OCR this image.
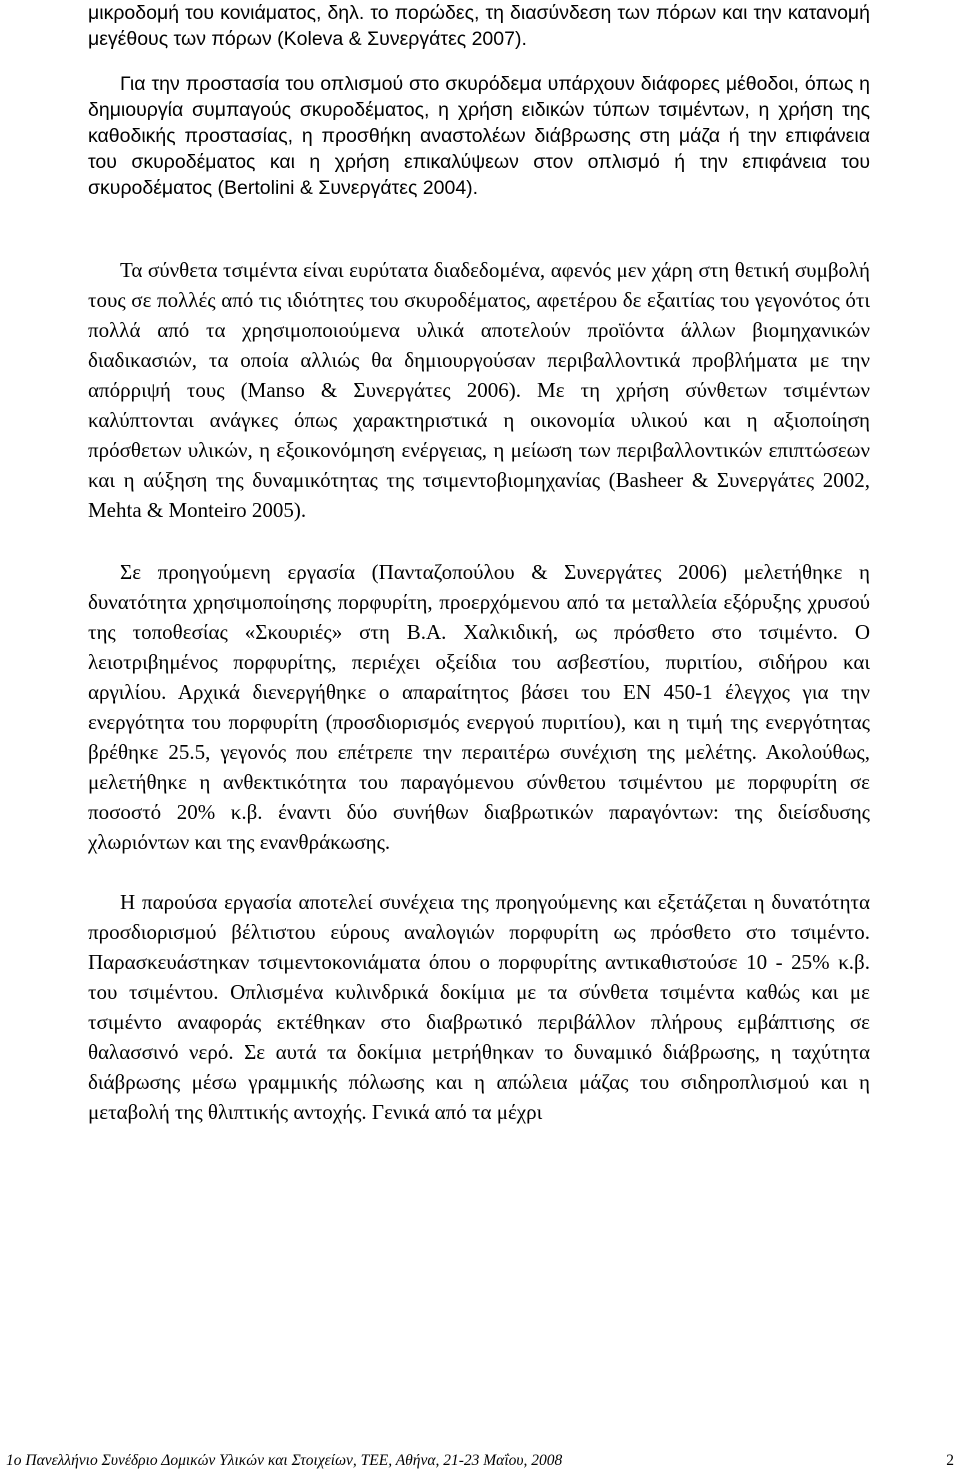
μικροδομή του κονιάματος, δηλ. το πορώδες, τη διασύνδεση των πόρων και την κατανομή μεγέθους των πόρων (Koleva & Συνεργάτες 2007).

Για την προστασία του οπλισμού στο σκυρόδεμα υπάρχουν διάφορες μέθοδοι, όπως η δημιουργία συμπαγούς σκυροδέματος, η χρήση ειδικών τύπων τσιμέντων, η χρήση της καθοδικής προστασίας, η προσθήκη αναστολέων διάβρωσης στη μάζα ή την επιφάνεια του σκυροδέματος και η χρήση επικαλύψεων στον οπλισμό ή την επιφάνεια του σκυροδέματος (Bertolini & Συνεργάτες 2004).

Τα σύνθετα τσιμέντα είναι ευρύτατα διαδεδομένα, αφενός μεν χάρη στη θετική συμβολή τους σε πολλές από τις ιδιότητες του σκυροδέματος, αφετέρου δε εξαιτίας του γεγονότος ότι πολλά από τα χρησιμοποιούμενα υλικά αποτελούν προϊόντα άλλων βιομηχανικών διαδικασιών, τα οποία αλλιώς θα δημιουργούσαν περιβαλλοντικά προβλήματα με την απόρριψή τους (Manso & Συνεργάτες 2006). Με τη χρήση σύνθετων τσιμέντων καλύπτονται ανάγκες όπως χαρακτηριστικά η οικονομία υλικού και η αξιοποίηση πρόσθετων υλικών, η εξοικονόμηση ενέργειας, η μείωση των περιβαλλοντικών επιπτώσεων και η αύξηση της δυναμικότητας της τσιμεντοβιομηχανίας (Basheer & Συνεργάτες 2002, Mehta & Monteiro 2005).

Σε προηγούμενη εργασία (Πανταζοπούλου & Συνεργάτες 2006) μελετήθηκε η δυνατότητα χρησιμοποίησης πορφυρίτη, προερχόμενου από τα μεταλλεία εξόρυξης χρυσού της τοποθεσίας «Σκουριές» στη Β.Α. Χαλκιδική, ως πρόσθετο στο τσιμέντο. Ο λειοτριβημένος πορφυρίτης, περιέχει οξείδια του ασβεστίου, πυριτίου, σιδήρου και αργιλίου. Αρχικά διενεργήθηκε ο απαραίτητος βάσει του ΕΝ 450-1 έλεγχος για την ενεργότητα του πορφυρίτη (προσδιορισμός ενεργού πυριτίου), και η τιμή της ενεργότητας βρέθηκε 25.5, γεγονός που επέτρεπε την περαιτέρω συνέχιση της μελέτης. Ακολούθως, μελετήθηκε η ανθεκτικότητα του παραγόμενου σύνθετου τσιμέντου με πορφυρίτη σε ποσοστό 20% κ.β. έναντι δύο συνήθων διαβρωτικών παραγόντων: της διείσδυσης χλωριόντων και της ενανθράκωσης.

Η παρούσα εργασία αποτελεί συνέχεια της προηγούμενης και εξετάζεται η δυνατότητα προσδιορισμού βέλτιστου εύρους αναλογιών πορφυρίτη ως πρόσθετο στο τσιμέντο. Παρασκευάστηκαν τσιμεντοκονιάματα όπου ο πορφυρίτης αντικαθιστούσε 10 - 25% κ.β. του τσιμέντου. Οπλισμένα κυλινδρικά δοκίμια με τα σύνθετα τσιμέντα καθώς και με τσιμέντο αναφοράς εκτέθηκαν στο διαβρωτικό περιβάλλον πλήρους εμβάπτισης σε θαλασσινό νερό. Σε αυτά τα δοκίμια μετρήθηκαν το δυναμικό διάβρωσης, η ταχύτητα διάβρωσης μέσω γραμμικής πόλωσης και η απώλεια μάζας του σιδηροπλισμού και η μεταβολή της θλιπτικής αντοχής. Γενικά από τα μέχρι

1ο Πανελλήνιο Συνέδριο Δομικών Υλικών και Στοιχείων, ΤΕΕ, Αθήνα, 21-23 Μαΐου, 2008	2
